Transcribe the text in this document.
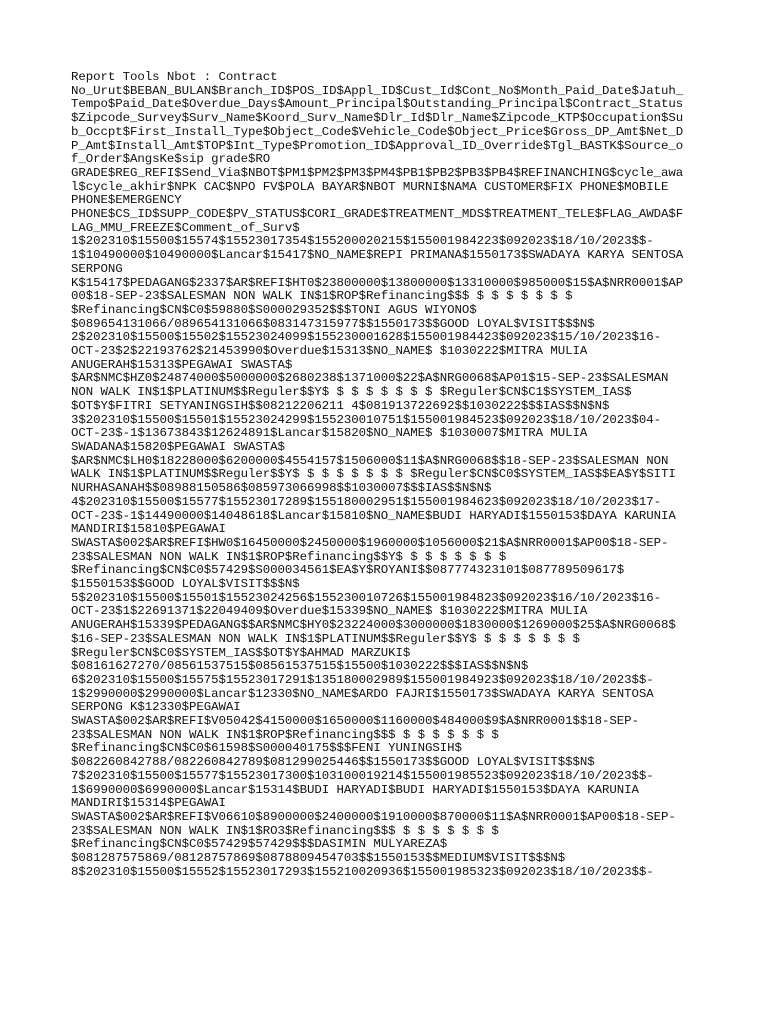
Report Tools Nbot : Contract
No_Urut$BEBAN_BULAN$Branch_ID$POS_ID$Appl_ID$Cust_Id$Cont_No$Month_Paid_Date$Jatuh_
Tempo$Paid_Date$Overdue_Days$Amount_Principal$Outstanding_Principal$Contract_Status
$Zipcode_Survey$Surv_Name$Koord_Surv_Name$Dlr_Id$Dlr_Name$Zipcode_KTP$Occupation$Su
b_Occpt$First_Install_Type$Object_Code$Vehicle_Code$Object_Price$Gross_DP_Amt$Net_D
P_Amt$Install_Amt$TOP$Int_Type$Promotion_ID$Approval_ID_Override$Tgl_BASTK$Source_o
f_Order$AngsKe$sip grade$RO
GRADE$REG_REFI$Send_Via$NBOT$PM1$PM2$PM3$PM4$PB1$PB2$PB3$PB4$REFINANCHING$cycle_awa
l$cycle_akhir$NPK CAC$NPO FV$POLA BAYAR$NBOT MURNI$NAMA CUSTOMER$FIX PHONE$MOBILE
PHONE$EMERGENCY
PHONE$CS_ID$SUPP_CODE$PV_STATUS$CORI_GRADE$TREATMENT_MDS$TREATMENT_TELE$FLAG_AWDA$F
LAG_MMU_FREEZE$Comment_of_Surv$
1$202310$15500$15574$15523017354$155200020215$155001984223$092023$18/10/2023$$-
1$10490000$10490000$Lancar$15417$NO_NAME$REPI PRIMANA$1550173$SWADAYA KARYA SENTOSA
SERPONG
K$15417$PEDAGANG$2337$AR$REFI$HT0$23800000$13800000$13310000$985000$15$A$NRR0001$AP
00$18-SEP-23$SALESMAN NON WALK IN$1$ROP$Refinancing$$$ $ $ $ $ $ $ $
$Refinancing$CN$C0$59880$S000029352$$$TONI AGUS WIYONO$
$089654131066/089654131066$083147315977$$1550173$$GOOD LOYAL$VISIT$$$N$
2$202310$15500$15502$15523024099$155230001628$155001984423$092023$15/10/2023$16-
OCT-23$2$22193762$21453990$Overdue$15313$NO_NAME$ $1030222$MITRA MULIA
ANUGERAH$15313$PEGAWAI SWASTA$
$AR$NMC$HZ0$24874000$5000000$2680238$1371000$22$A$NRG0068$AP01$15-SEP-23$SALESMAN
NON WALK IN$1$PLATINUM$$Reguler$$Y$ $ $ $ $ $ $ $ $Reguler$CN$C1$SYSTEM_IAS$
$OT$Y$FITRI SETYANINGSIH$$08212206211 4$081913722692$$1030222$$$IAS$$N$N$
3$202310$15500$15501$15523024299$155230010751$155001984523$092023$18/10/2023$04-
OCT-23$-1$13673843$12624891$Lancar$15820$NO_NAME$ $1030007$MITRA MULIA
SWADANA$15820$PEGAWAI SWASTA$
$AR$NMC$LH0$18228000$6200000$4554157$1506000$11$A$NRG0068$$18-SEP-23$SALESMAN NON
WALK IN$1$PLATINUM$$Reguler$$Y$ $ $ $ $ $ $ $ $Reguler$CN$C0$SYSTEM_IAS$$EA$Y$SITI
NURHASANAH$$08988150586$085973066998$$1030007$$$IAS$$N$N$
4$202310$15500$15577$15523017289$155180002951$155001984623$092023$18/10/2023$17-
OCT-23$-1$14490000$14048618$Lancar$15810$NO_NAME$BUDI HARYADI$1550153$DAYA KARUNIA
MANDIRI$15810$PEGAWAI
SWASTA$002$AR$REFI$HW0$16450000$2450000$1960000$1056000$21$A$NRR0001$AP00$18-SEP-
23$SALESMAN NON WALK IN$1$ROP$Refinancing$$Y$ $ $ $ $ $ $ $
$Refinancing$CN$C0$57429$S000034561$EA$Y$ROYANI$$087774323101$087789509617$
$1550153$$GOOD LOYAL$VISIT$$$N$
5$202310$15500$15501$15523024256$155230010726$155001984823$092023$16/10/2023$16-
OCT-23$1$22691371$22049409$Overdue$15339$NO_NAME$ $1030222$MITRA MULIA
ANUGERAH$15339$PEDAGANG$$AR$NMC$HY0$23224000$3000000$1830000$1269000$25$A$NRG0068$
$16-SEP-23$SALESMAN NON WALK IN$1$PLATINUM$$Reguler$$Y$ $ $ $ $ $ $ $
$Reguler$CN$C0$SYSTEM_IAS$$OT$Y$AHMAD MARZUKI$
$08161627270/08561537515$08561537515$15500$1030222$$$IAS$$N$N$
6$202310$15500$15575$15523017291$135180002989$155001984923$092023$18/10/2023$$-
1$2990000$2990000$Lancar$12330$NO_NAME$ARDO FAJRI$1550173$SWADAYA KARYA SENTOSA
SERPONG K$12330$PEGAWAI
SWASTA$002$AR$REFI$V05042$4150000$1650000$1160000$484000$9$A$NRR0001$$18-SEP-
23$SALESMAN NON WALK IN$1$ROP$Refinancing$$$ $ $ $ $ $ $ $
$Refinancing$CN$C0$61598$S000040175$$$FENI YUNINGSIH$
$082260842788/082260842789$081299025446$$1550173$$GOOD LOYAL$VISIT$$$N$
7$202310$15500$15577$15523017300$103100019214$155001985523$092023$18/10/2023$$-
1$6990000$6990000$Lancar$15314$BUDI HARYADI$BUDI HARYADI$1550153$DAYA KARUNIA
MANDIRI$15314$PEGAWAI
SWASTA$002$AR$REFI$V06610$8900000$2400000$1910000$870000$11$A$NRR0001$AP00$18-SEP-
23$SALESMAN NON WALK IN$1$RO3$Refinancing$$$ $ $ $ $ $ $ $
$Refinancing$CN$C0$57429$57429$$$DASIMIN MULYAREZA$
$081287575869/08128757869$0878809454703$$1550153$$MEDIUM$VISIT$$$N$
8$202310$15500$15552$15523017293$155210020936$155001985323$092023$18/10/2023$$-
